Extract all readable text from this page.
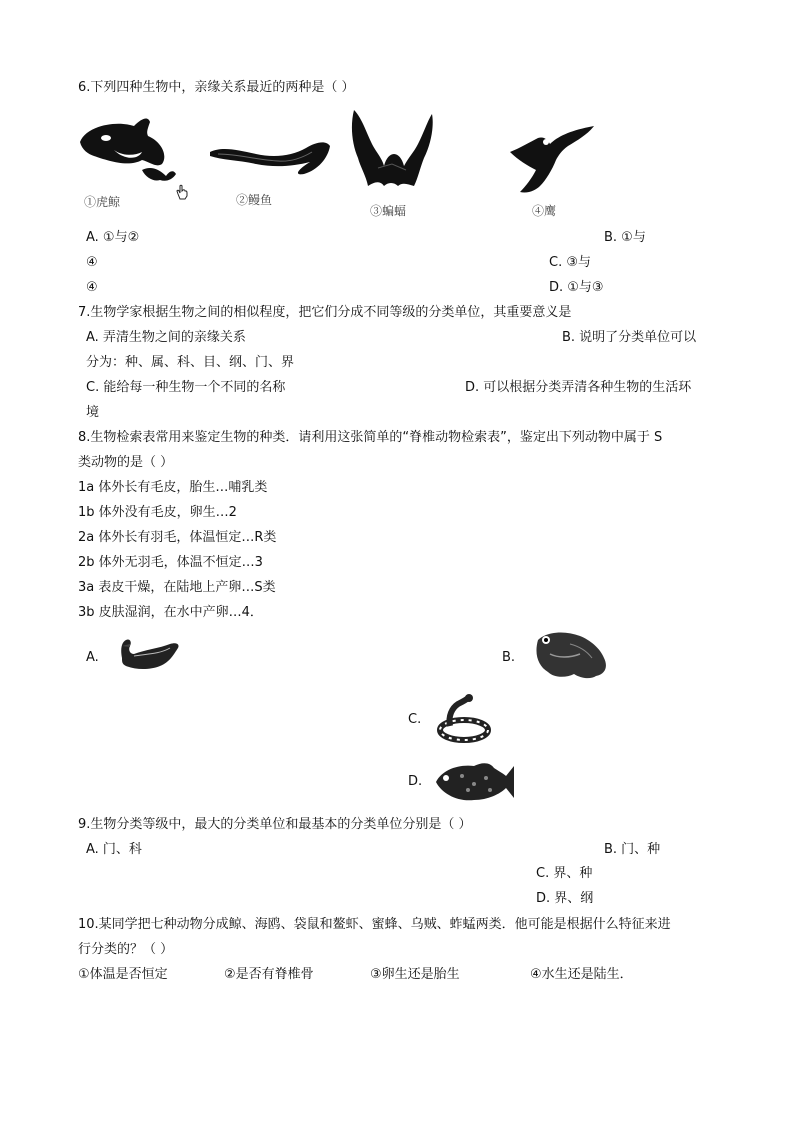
6.下列四种生物中，亲缘关系最近的两种是（ ）
①虎鲸	②鳗鱼
③蝙蝠	④鹰
A. ①与②	B. ①与
④	C. ③与
④	D. ①与③
7.生物学家根据生物之间的相似程度，把它们分成不同等级的分类单位，其重要意义是
A. 弄清生物之间的亲缘关系	B. 说明了分类单位可以
分为：种、属、科、目、纲、门、界
C. 能给每一种生物一个不同的名称	D. 可以根据分类弄清各种生物的生活环
境
8.生物检索表常用来鉴定生物的种类．请利用这张简单的“脊椎动物检索表”，鉴定出下列动物中属于 S
类动物的是（ ）
1a 体外长有毛皮，胎生…哺乳类
1b 体外没有毛皮，卵生…2
2a 体外长有羽毛，体温恒定…R类
2b 体外无羽毛，体温不恒定…3
3a 表皮干燥，在陆地上产卵…S类
3b 皮肤湿润，在水中产卵…4．
A.	B.
C.
D.
9.生物分类等级中，最大的分类单位和最基本的分类单位分别是（ ）
A. 门、科	B. 门、种
C. 界、种
D. 界、纲
10.某同学把七种动物分成鲸、海鸥、袋鼠和鳌虾、蜜蜂、乌贼、蚱蜢两类．他可能是根据什么特征来进
行分类的？（ ）
①体温是否恒定	②是否有脊椎骨	③卵生还是胎生	④水生还是陆生．
